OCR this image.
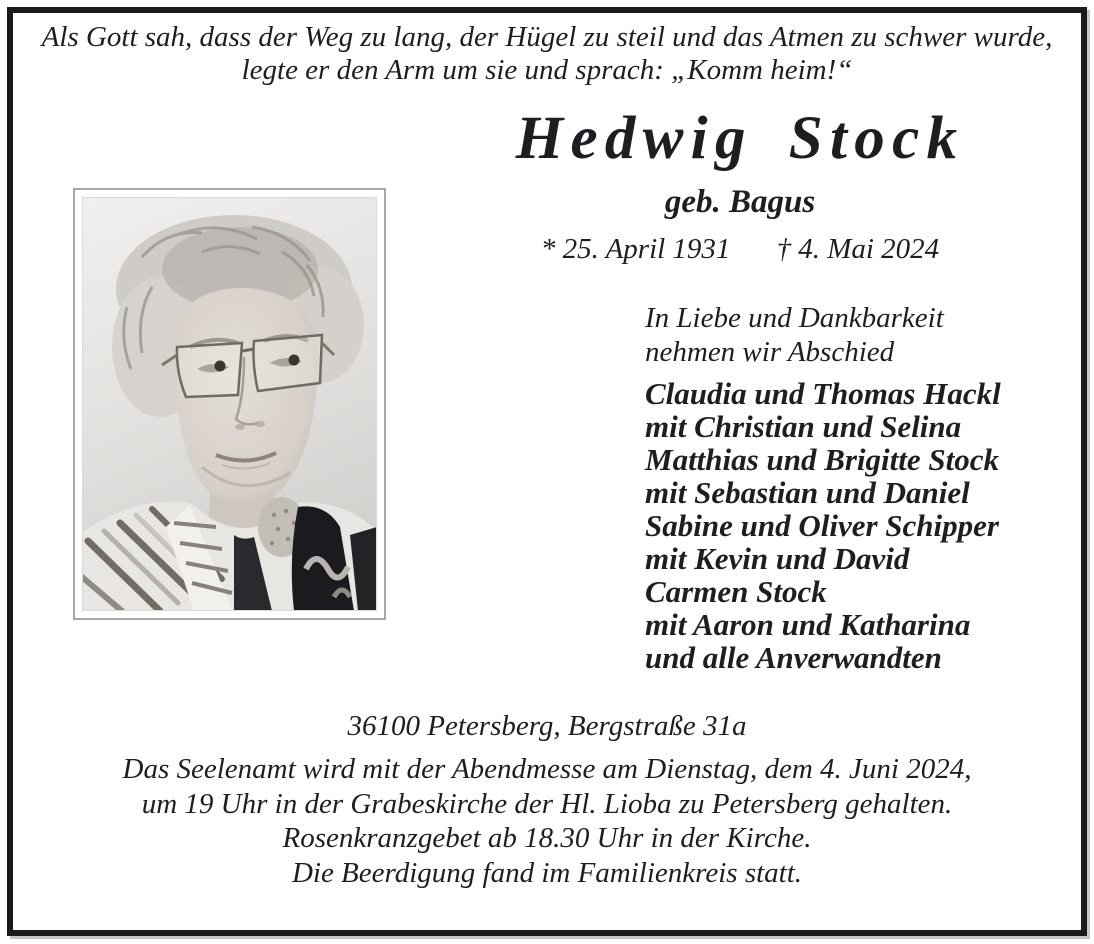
Als Gott sah, dass der Weg zu lang, der Hügel zu steil und das Atmen zu schwer wurde,
legte er den Arm um sie und sprach: „Komm heim!“
Hedwig Stock
geb. Bagus
* 25. April 1931 † 4. Mai 2024
In Liebe und Dankbarkeit
nehmen wir Abschied
Claudia und Thomas Hackl
mit Christian und Selina
Matthias und Brigitte Stock
mit Sebastian und Daniel
Sabine und Oliver Schipper
mit Kevin und David
Carmen Stock
mit Aaron und Katharina
und alle Anverwandten
36100 Petersberg, Bergstraße 31a
Das Seelenamt wird mit der Abendmesse am Dienstag, dem 4. Juni 2024,
um 19 Uhr in der Grabeskirche der Hl. Lioba zu Petersberg gehalten.
Rosenkranzgebet ab 18.30 Uhr in der Kirche.
Die Beerdigung fand im Familienkreis statt.
